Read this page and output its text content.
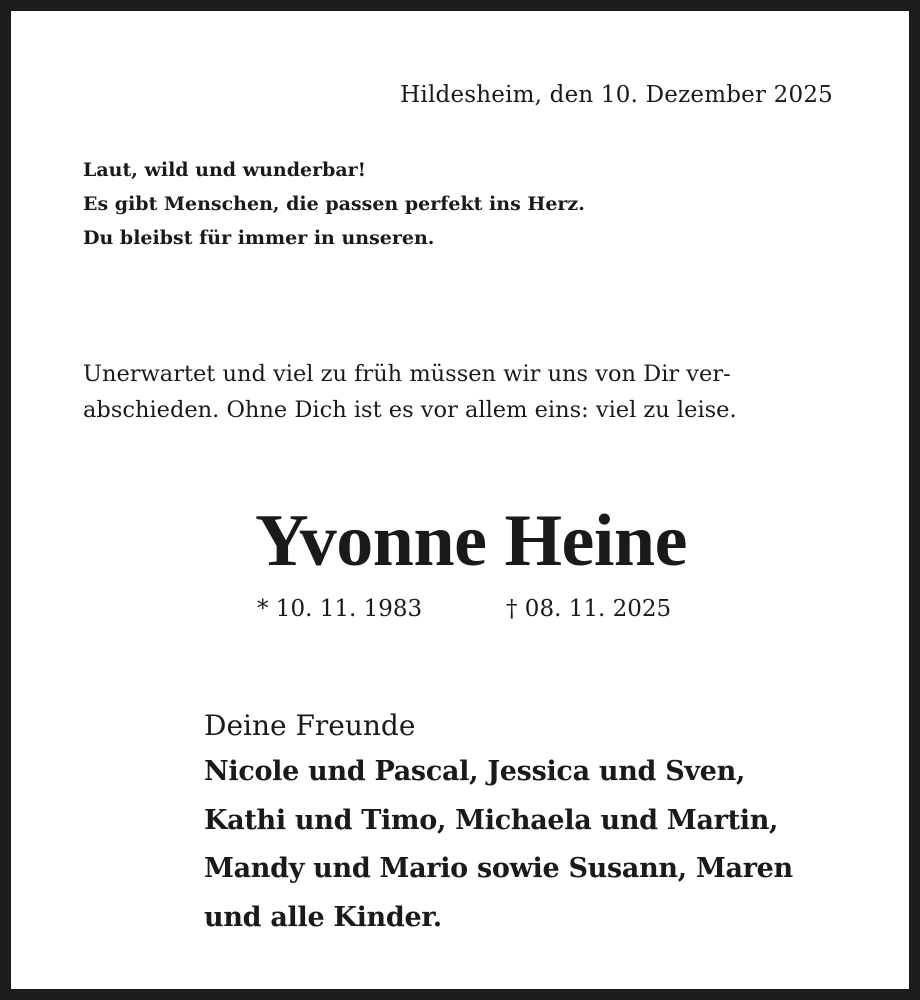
Hildesheim, den 10. Dezember 2025
Laut, wild und wunderbar!
Es gibt Menschen, die passen perfekt ins Herz.
Du bleibst für immer in unseren.
Unerwartet und viel zu früh müssen wir uns von Dir ver-
abschieden. Ohne Dich ist es vor allem eins: viel zu leise.
Yvonne Heine
* 10. 11. 1983	† 08. 11. 2025
Deine Freunde
Nicole und Pascal, Jessica und Sven,
Kathi und Timo, Michaela und Martin,
Mandy und Mario sowie Susann, Maren
und alle Kinder.
